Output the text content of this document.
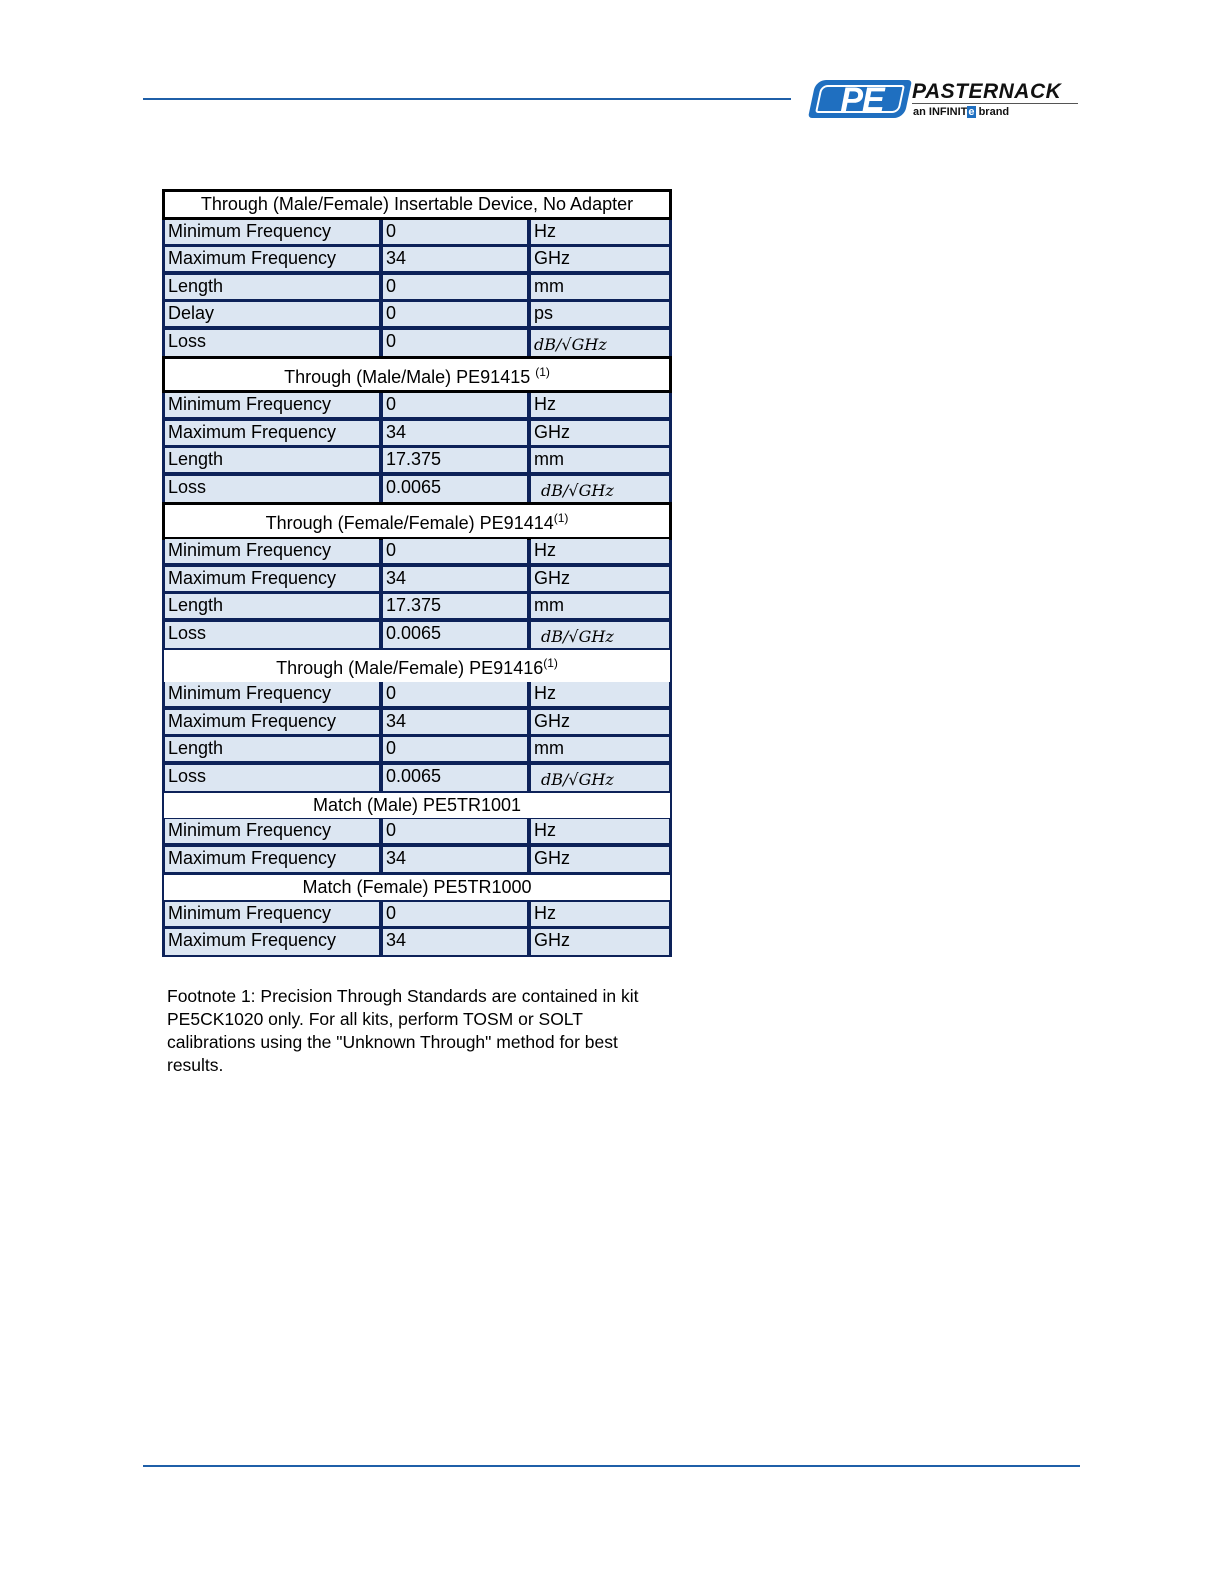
PE	PASTERNACK
an INFINITe brand
Through (Male/Female) Insertable Device, No Adapter
Minimum Frequency	0	Hz
Maximum Frequency	34	GHz
Length	0	mm
Delay	0	ps
Loss	0	dB/√GHz
Through (Male/Male) PE91415 $^{(1)}$
Minimum Frequency	0	Hz
Maximum Frequency	34	GHz
Length	17.375	mm
Loss	0.0065	dB/√GHz
Through (Female/Female) PE91414$^{(1)}$
Minimum Frequency	0	Hz
Maximum Frequency	34	GHz
Length	17.375	mm
Loss	0.0065	dB/√GHz
Through (Male/Female) PE91416$^{(1)}$
Minimum Frequency	0	Hz
Maximum Frequency	34	GHz
Length	0	mm
Loss	0.0065	dB/√GHz
Match (Male) PE5TR1001
Minimum Frequency	0	Hz
Maximum Frequency	34	GHz
Match (Female) PE5TR1000
Minimum Frequency	0	Hz
Maximum Frequency	34	GHz
Footnote 1: Precision Through Standards are contained in kit
PE5CK1020 only. For all kits, perform TOSM or SOLT
calibrations using the "Unknown Through" method for best
results.
